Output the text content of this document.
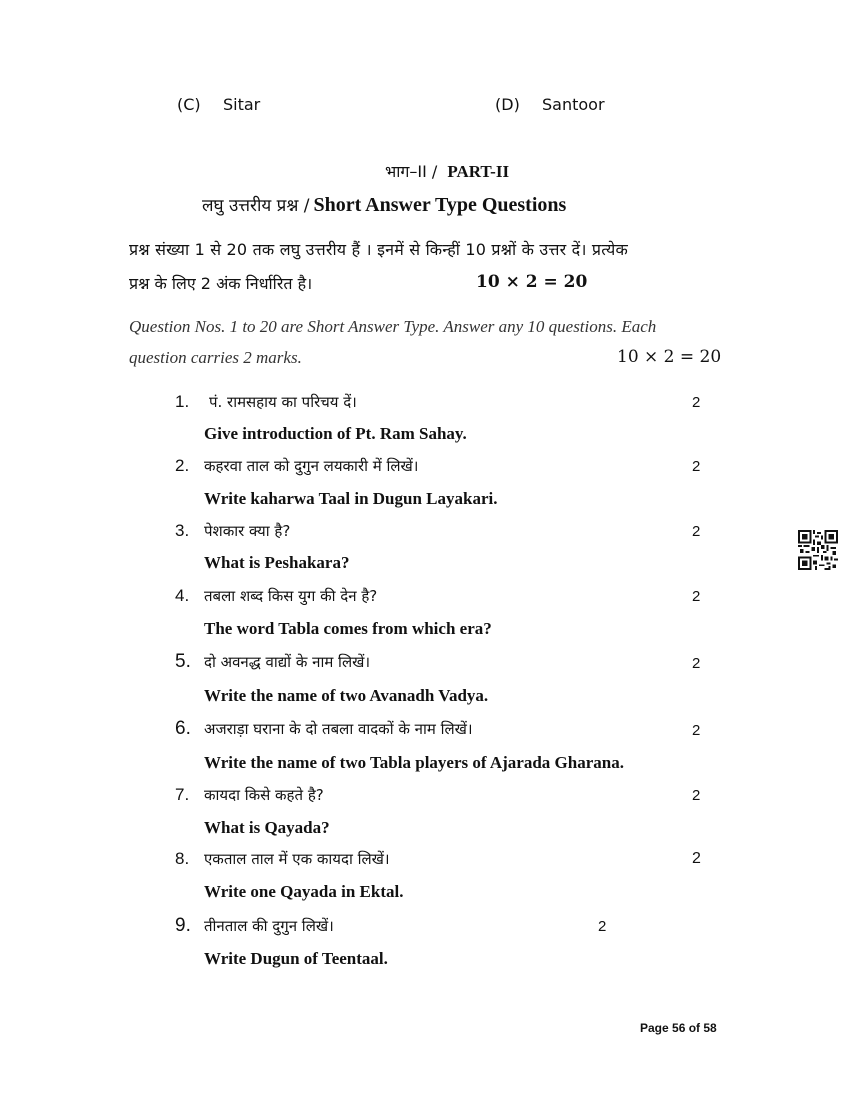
(C) Sitar	(D) Santoor
भाग–II / PART-II
लघु उत्तरीय प्रश्न / Short Answer Type Questions
प्रश्न संख्या 1 से 20 तक लघु उत्तरीय हैं । इनमें से किन्हीं 10 प्रश्नों के उत्तर दें। प्रत्येक
प्रश्न के लिए 2 अंक निर्धारित है।	10 × 2 = 20
Question Nos. 1 to 20 are Short Answer Type. Answer any 10 questions. Each
question carries 2 marks.	10 × 2 = 20
1. पं. रामसहाय का परिचय दें।	2
Give introduction of Pt. Ram Sahay.
2. कहरवा ताल को दुगुन लयकारी में लिखें।	2
Write kaharwa Taal in Dugun Layakari.
3. पेशकार क्या है?	2
What is Peshakara?
4. तबला शब्द किस युग की देन है?	2
The word Tabla comes from which era?
5. दो अवनद्ध वाद्यों के नाम लिखें।	2
Write the name of two Avanadh Vadya.
6. अजराड़ा घराना के दो तबला वादकों के नाम लिखें।	2
Write the name of two Tabla players of Ajarada Gharana.
7. कायदा किसे कहते है?	2
What is Qayada?
8. एकताल ताल में एक कायदा लिखें।	2
Write one Qayada in Ektal.
9. तीनताल की दुगुन लिखें।	2
Write Dugun of Teentaal.
Page 56 of 58
